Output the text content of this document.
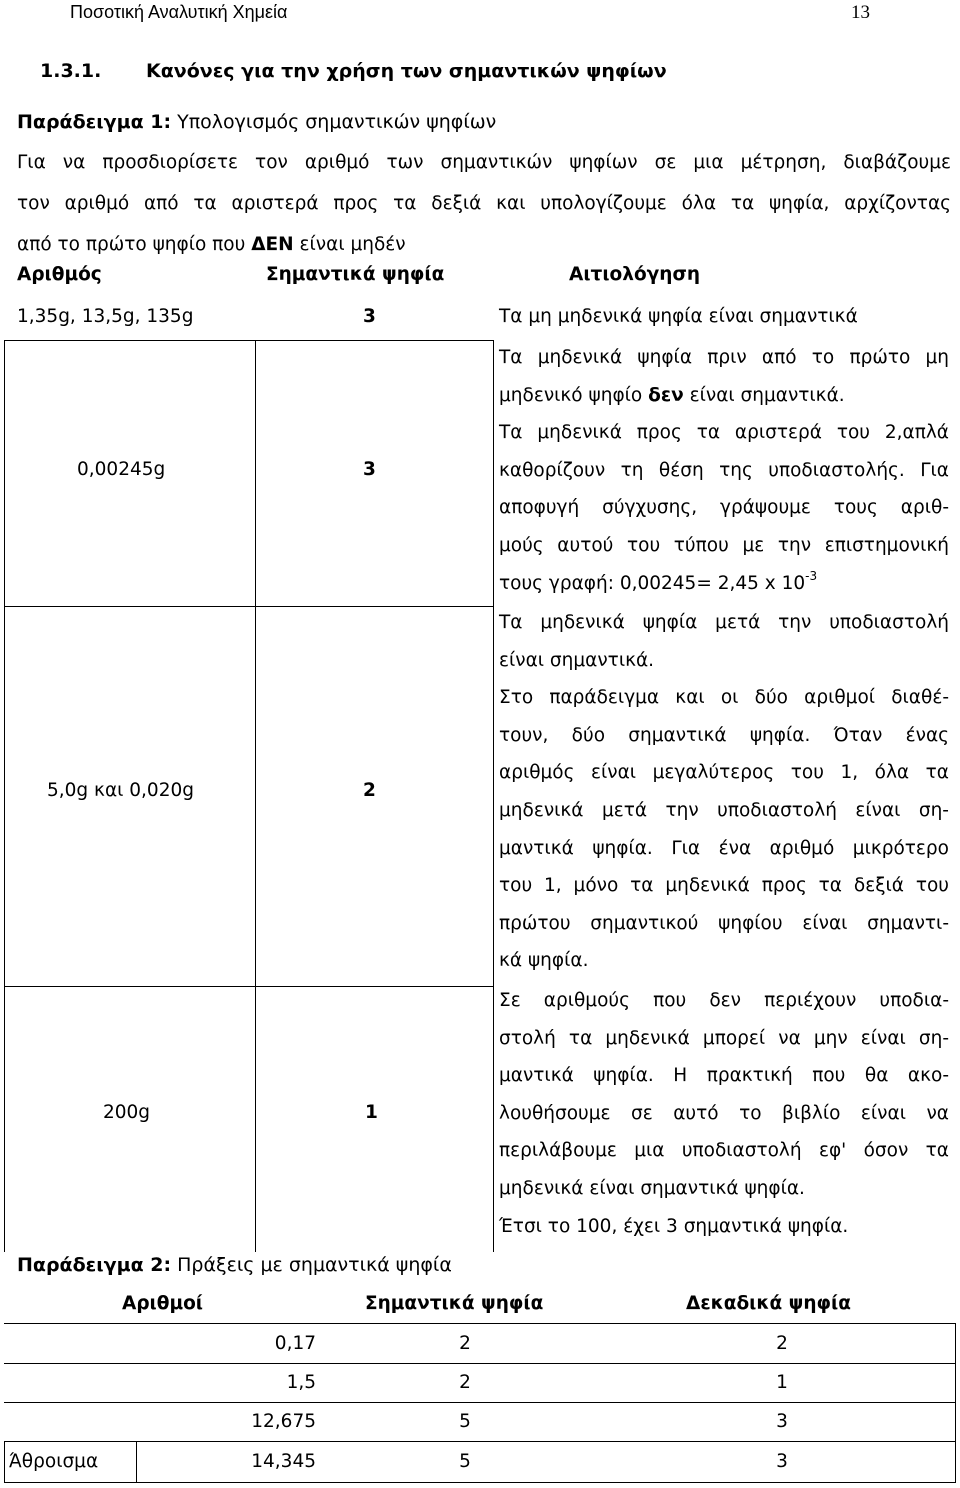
Ποσοτική Αναλυτική Χημεία	13
1.3.1. Κανόνες για την χρήση των σημαντικών ψηφίων
Παράδειγμα 1: Υπολογισμός σημαντικών ψηφίων
Για να προσδιορίσετε τον αριθμό των σημαντικών ψηφίων σε μια μέτρηση, διαβάζουμε
τον αριθμό από τα αριστερά προς τα δεξιά και υπολογίζουμε όλα τα ψηφία, αρχίζοντας
από το πρώτο ψηφίο που ΔΕΝ είναι μηδέν
Αριθμός	Σημαντικά ψηφία	Αιτιολόγηση
1,35g, 13,5g, 135g	3	Τα μη μηδενικά ψηφία είναι σημαντικά
0,00245g	3
Τα μηδενικά ψηφία πριν από το πρώτο μη
μηδενικό ψηφίο δεν είναι σημαντικά.
Τα μηδενικά προς τα αριστερά του 2,απλά
καθορίζουν τη θέση της υποδιαστολής. Για
αποφυγή σύγχυσης, γράψουμε τους αριθ-
μούς αυτού του τύπου με την επιστημονική
τους γραφή: 0,00245= 2,45 x $10^{-3}$
5,0g και 0,020g	2
Τα μηδενικά ψηφία μετά την υποδιαστολή
είναι σημαντικά.
Στο παράδειγμα και οι δύο αριθμοί διαθέ-
τουν, δύο σημαντικά ψηφία. Όταν ένας
αριθμός είναι μεγαλύτερος του 1, όλα τα
μηδενικά μετά την υποδιαστολή είναι ση-
μαντικά ψηφία. Για ένα αριθμό μικρότερο
του 1, μόνο τα μηδενικά προς τα δεξιά του
πρώτου σημαντικού ψηφίου είναι σημαντι-
κά ψηφία.
200g	1
Σε αριθμούς που δεν περιέχουν υποδια-
στολή τα μηδενικά μπορεί να μην είναι ση-
μαντικά ψηφία. Η πρακτική που θα ακο-
λουθήσουμε σε αυτό το βιβλίο είναι να
περιλάβουμε μια υποδιαστολή εφ' όσον τα
μηδενικά είναι σημαντικά ψηφία.
Έτσι το 100, έχει 3 σημαντικά ψηφία.
Παράδειγμα 2: Πράξεις με σημαντικά ψηφία
Αριθμοί	Σημαντικά ψηφία	Δεκαδικά ψηφία
0,17	2	2
1,5	2	1
12,675	5	3
Άθροισμα	14,345	5	3
